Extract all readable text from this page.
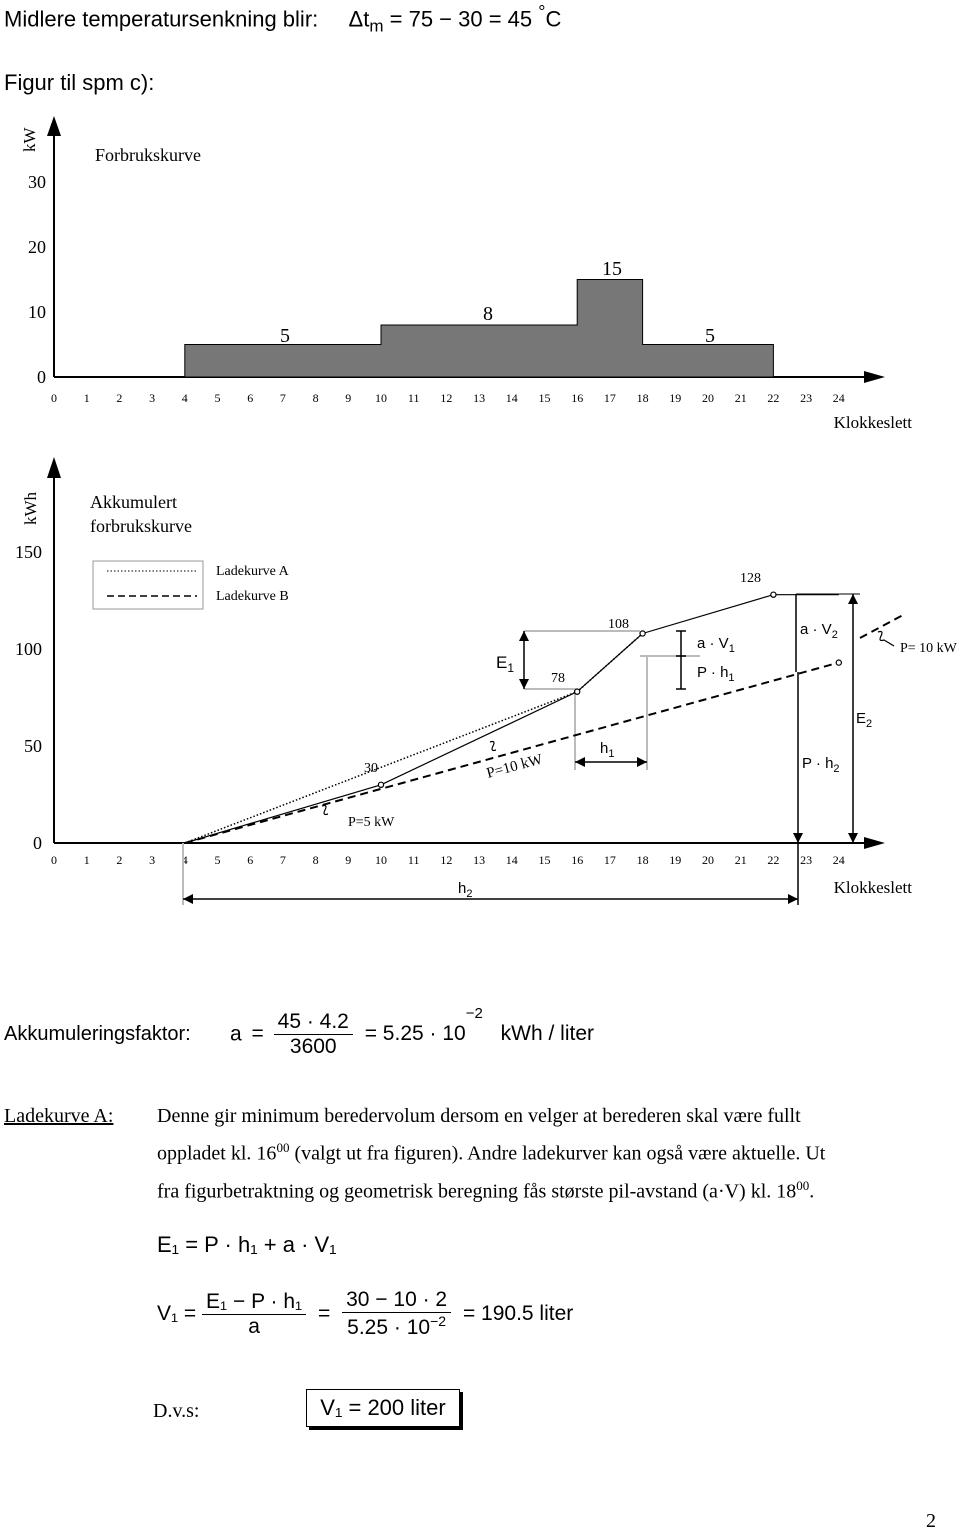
Midlere temperatursenkning blir: $\Delta t_m = 75 - 30 = 45$ °C
Figur til spm c):
kW
Forbrukskurve
0
10
20
30
0 1 2 3 4 5 6 7 8 9 10 11 12 13 14 15 16 17 18 19 20 21 22 23 24
5
8
15
5
Klokkeslett
kWh	Akkumulert
forbrukskurve
0
50
100
150
0 1 2 3 4 5 6 7 8 9 10 11 12 13 14 15 16 17 18 19 20 21 22 23 24
Ladekurve A
Ladekurve B
30
78
108
128
$E_1$
$a \cdot V_1$
$P \cdot h_1$
$a \cdot V_2$
$P \cdot h_2$
$E_2$
$h_1$
$h_2$
P=5 kW
P=10 kW
P= 10 kW
Klokkeslett
Akkumuleringsfaktor: $a = \frac{45 \cdot 4.2}{3600} = 5.25 \cdot 10^{-2}$ kWh / liter
Ladekurve A: Denne gir minimum beredervolum dersom en velger at berederen skal være fullt
oppladet kl. $16^{00}$ (valgt ut fra figuren). Andre ladekurver kan også være aktuelle. Ut
fra figurbetraktning og geometrisk beregning fås største pil-avstand (a·V) kl. $18^{00}$.
E₁ = P · h₁ + a · V₁
$V_1 = \frac{\text{E₁ − P · h₁}}{a} = \frac{30 - 10 \cdot 2}{5.25 \cdot 10^{-2}} = 190.5$ liter
D.v.s:	V₁ = 200 liter
2
